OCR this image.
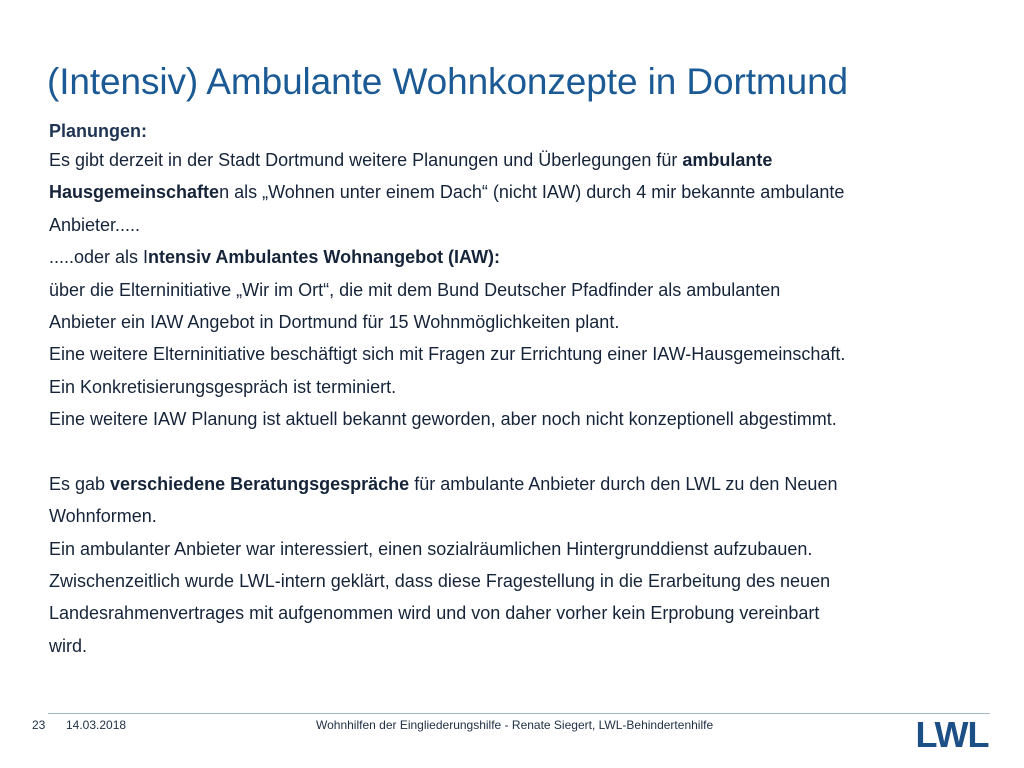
(Intensiv) Ambulante Wohnkonzepte in Dortmund
Planungen:
Es gibt derzeit in der Stadt Dortmund weitere Planungen und Überlegungen für ambulante
Hausgemeinschaften als „Wohnen unter einem Dach“ (nicht IAW) durch 4 mir bekannte ambulante
Anbieter.....
.....oder als Intensiv Ambulantes Wohnangebot (IAW):
über die Elterninitiative „Wir im Ort“, die mit dem Bund Deutscher Pfadfinder als ambulanten
Anbieter ein IAW Angebot in Dortmund für 15 Wohnmöglichkeiten plant.
Eine weitere Elterninitiative beschäftigt sich mit Fragen zur Errichtung einer IAW-Hausgemeinschaft.
Ein Konkretisierungsgespräch ist terminiert.
Eine weitere IAW Planung ist aktuell bekannt geworden, aber noch nicht konzeptionell abgestimmt.
Es gab verschiedene Beratungsgespräche für ambulante Anbieter durch den LWL zu den Neuen
Wohnformen.
Ein ambulanter Anbieter war interessiert, einen sozialräumlichen Hintergrunddienst aufzubauen.
Zwischenzeitlich wurde LWL-intern geklärt, dass diese Fragestellung in die Erarbeitung des neuen
Landesrahmenvertrages mit aufgenommen wird und von daher vorher kein Erprobung vereinbart
wird.
23 14.03.2018	Wohnhilfen der Eingliederungshilfe - Renate Siegert, LWL-Behindertenhilfe	LWL
